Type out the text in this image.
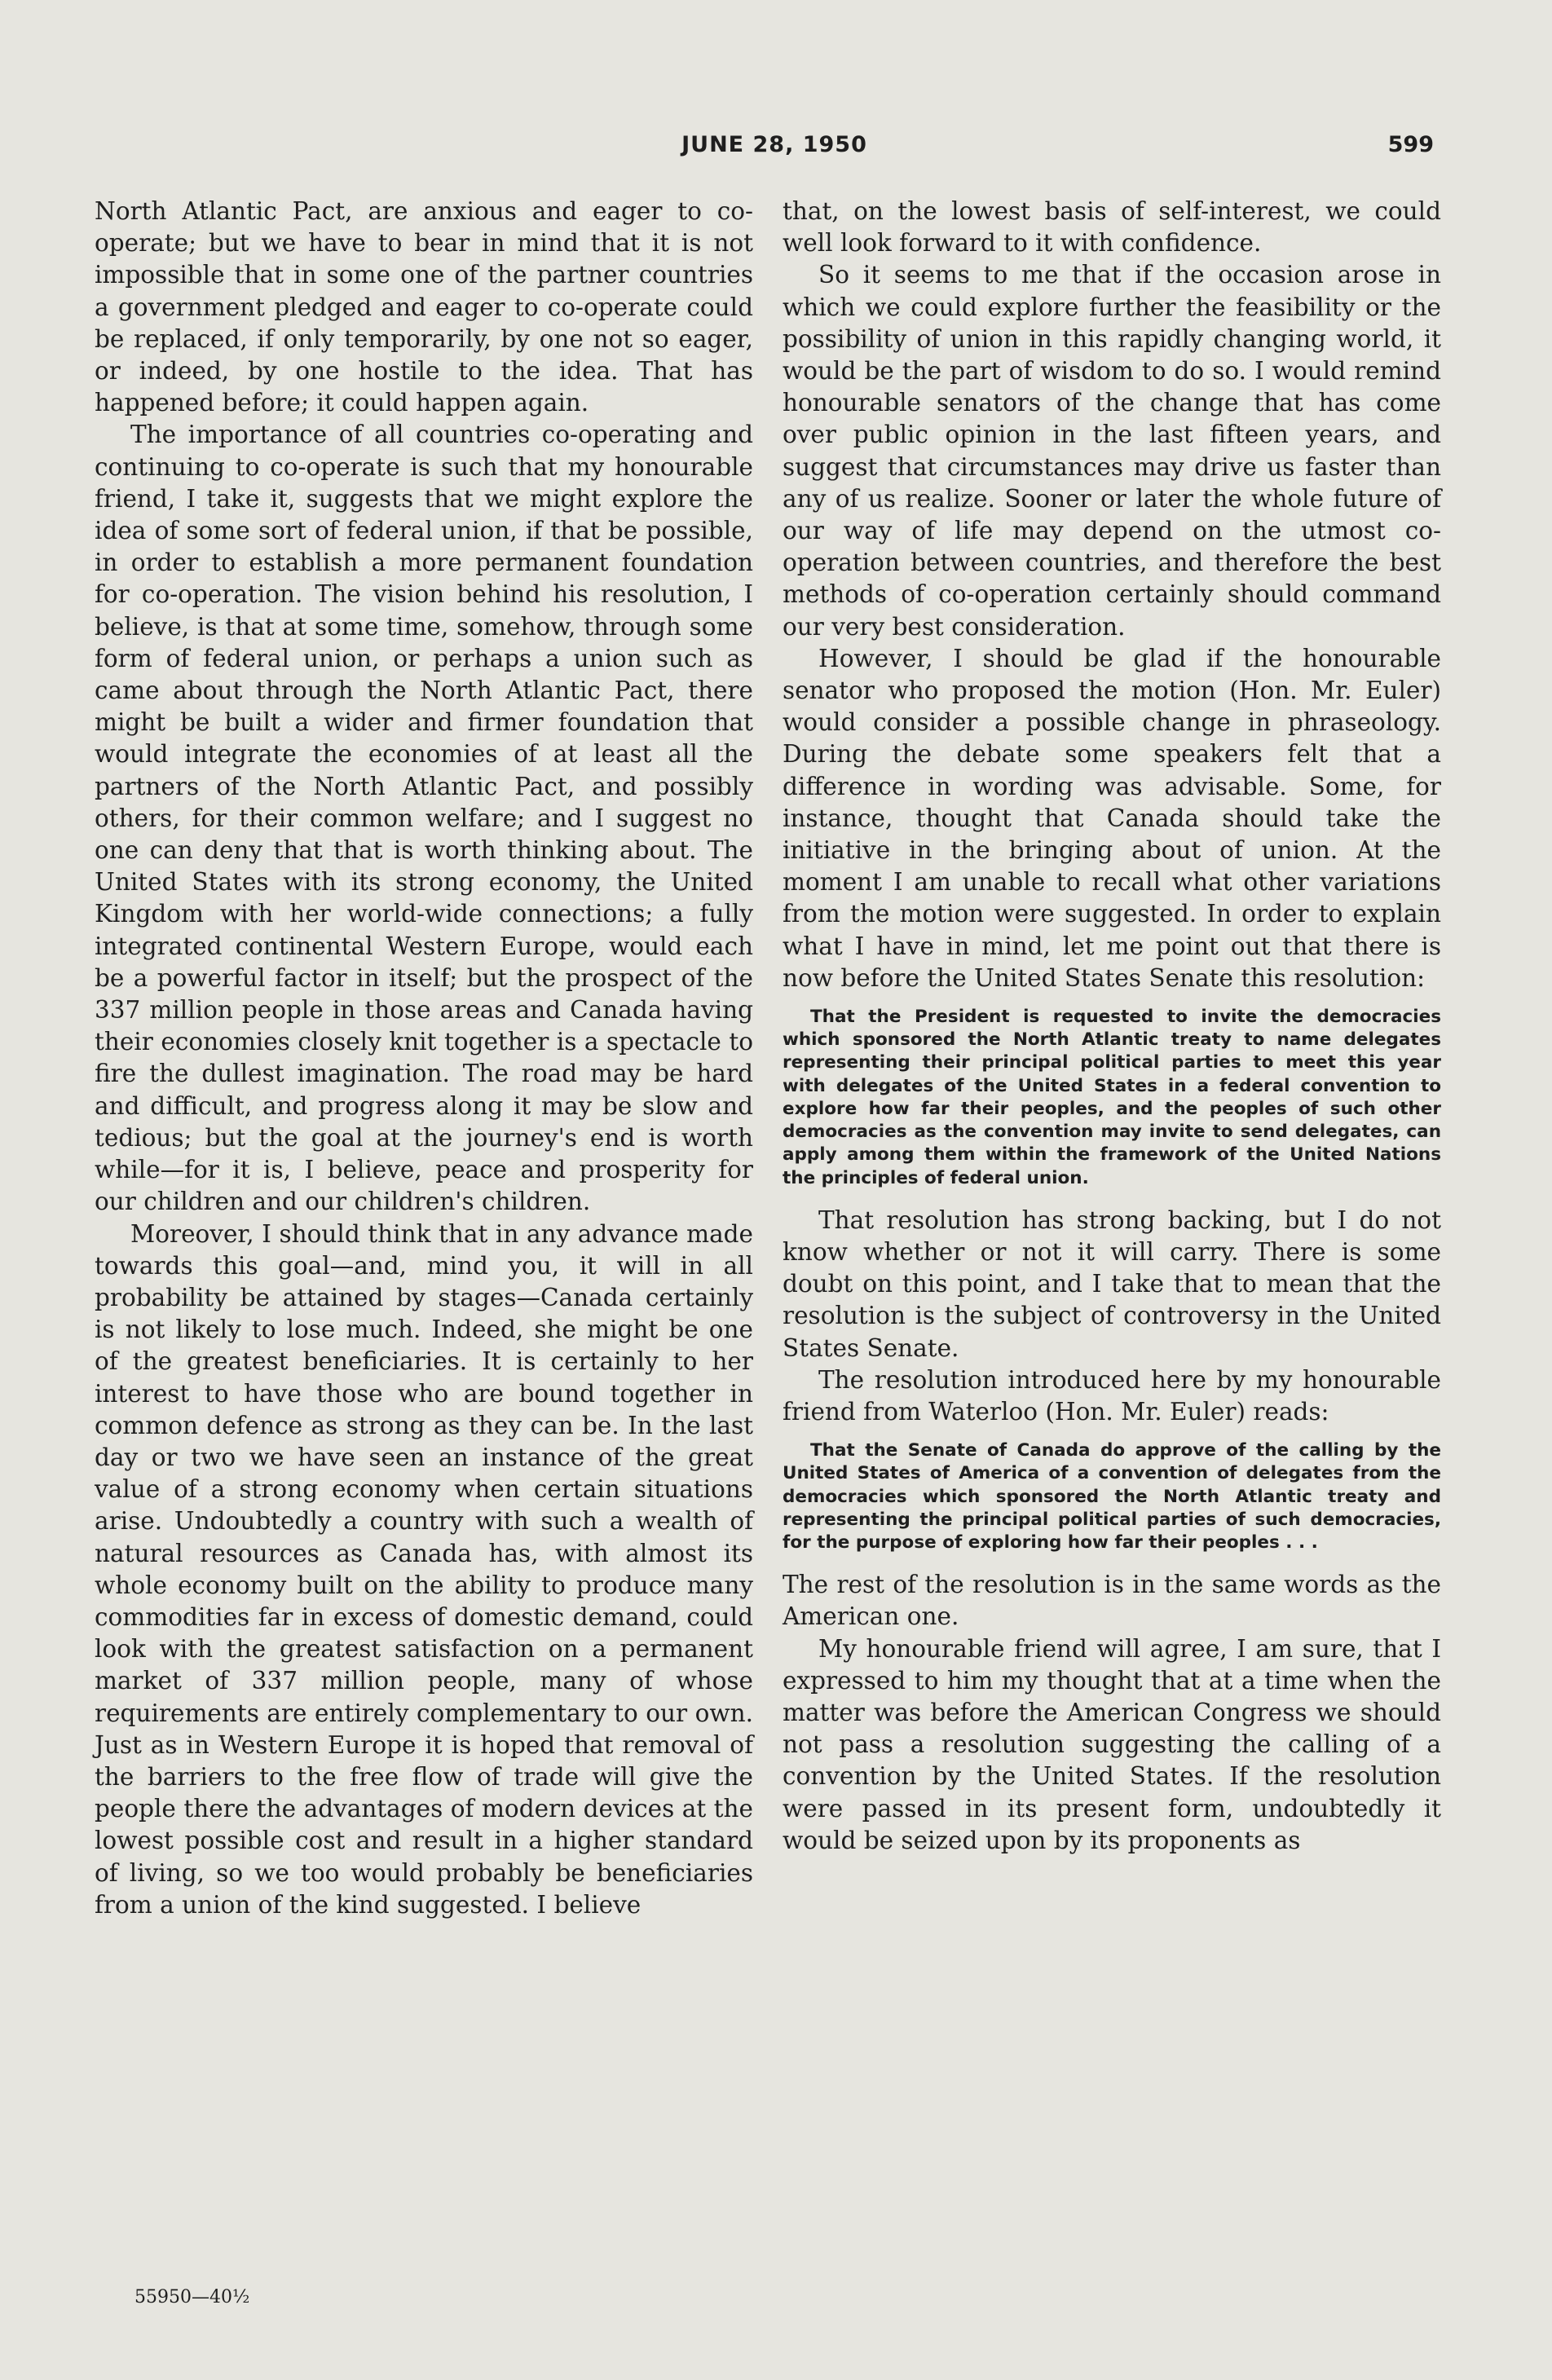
JUNE 28, 1950	599

North Atlantic Pact, are anxious and eager to co-operate; but we have to bear in mind that it is not impossible that in some one of the partner countries a government pledged and eager to co-operate could be replaced, if only temporarily, by one not so eager, or indeed, by one hostile to the idea. That has happened before; it could happen again.

The importance of all countries co-operating and continuing to co-operate is such that my honourable friend, I take it, suggests that we might explore the idea of some sort of federal union, if that be possible, in order to establish a more permanent foundation for co-operation. The vision behind his resolution, I believe, is that at some time, somehow, through some form of federal union, or perhaps a union such as came about through the North Atlantic Pact, there might be built a wider and firmer foundation that would integrate the economies of at least all the partners of the North Atlantic Pact, and possibly others, for their common welfare; and I suggest no one can deny that that is worth thinking about. The United States with its strong economy, the United Kingdom with her world-wide connections; a fully integrated continental Western Europe, would each be a powerful factor in itself; but the prospect of the 337 million people in those areas and Canada having their economies closely knit together is a spectacle to fire the dullest imagination. The road may be hard and difficult, and progress along it may be slow and tedious; but the goal at the journey's end is worth while—for it is, I believe, peace and prosperity for our children and our children's children.

Moreover, I should think that in any advance made towards this goal—and, mind you, it will in all probability be attained by stages—Canada certainly is not likely to lose much. Indeed, she might be one of the greatest beneficiaries. It is certainly to her interest to have those who are bound together in common defence as strong as they can be. In the last day or two we have seen an instance of the great value of a strong economy when certain situations arise. Undoubtedly a country with such a wealth of natural resources as Canada has, with almost its whole economy built on the ability to produce many commodities far in excess of domestic demand, could look with the greatest satisfaction on a permanent market of 337 million people, many of whose requirements are entirely complementary to our own. Just as in Western Europe it is hoped that removal of the barriers to the free flow of trade will give the people there the advantages of modern devices at the lowest possible cost and result in a higher standard of living, so we too would probably be beneficiaries from a union of the kind suggested. I believe

that, on the lowest basis of self-interest, we could well look forward to it with confidence.

So it seems to me that if the occasion arose in which we could explore further the feasibility or the possibility of union in this rapidly changing world, it would be the part of wisdom to do so. I would remind honourable senators of the change that has come over public opinion in the last fifteen years, and suggest that circumstances may drive us faster than any of us realize. Sooner or later the whole future of our way of life may depend on the utmost co-operation between countries, and therefore the best methods of co-operation certainly should command our very best consideration.

However, I should be glad if the honourable senator who proposed the motion (Hon. Mr. Euler) would consider a possible change in phraseology. During the debate some speakers felt that a difference in wording was advisable. Some, for instance, thought that Canada should take the initiative in the bringing about of union. At the moment I am unable to recall what other variations from the motion were suggested. In order to explain what I have in mind, let me point out that there is now before the United States Senate this resolution:

That the President is requested to invite the democracies which sponsored the North Atlantic treaty to name delegates representing their principal political parties to meet this year with delegates of the United States in a federal convention to explore how far their peoples, and the peoples of such other democracies as the convention may invite to send delegates, can apply among them within the framework of the United Nations the principles of federal union.

That resolution has strong backing, but I do not know whether or not it will carry. There is some doubt on this point, and I take that to mean that the resolution is the subject of controversy in the United States Senate.

The resolution introduced here by my honourable friend from Waterloo (Hon. Mr. Euler) reads:

That the Senate of Canada do approve of the calling by the United States of America of a convention of delegates from the democracies which sponsored the North Atlantic treaty and representing the principal political parties of such democracies, for the purpose of exploring how far their peoples . . .

The rest of the resolution is in the same words as the American one.

My honourable friend will agree, I am sure, that I expressed to him my thought that at a time when the matter was before the American Congress we should not pass a resolution suggesting the calling of a convention by the United States. If the resolution were passed in its present form, undoubtedly it would be seized upon by its proponents as

55950—40½
